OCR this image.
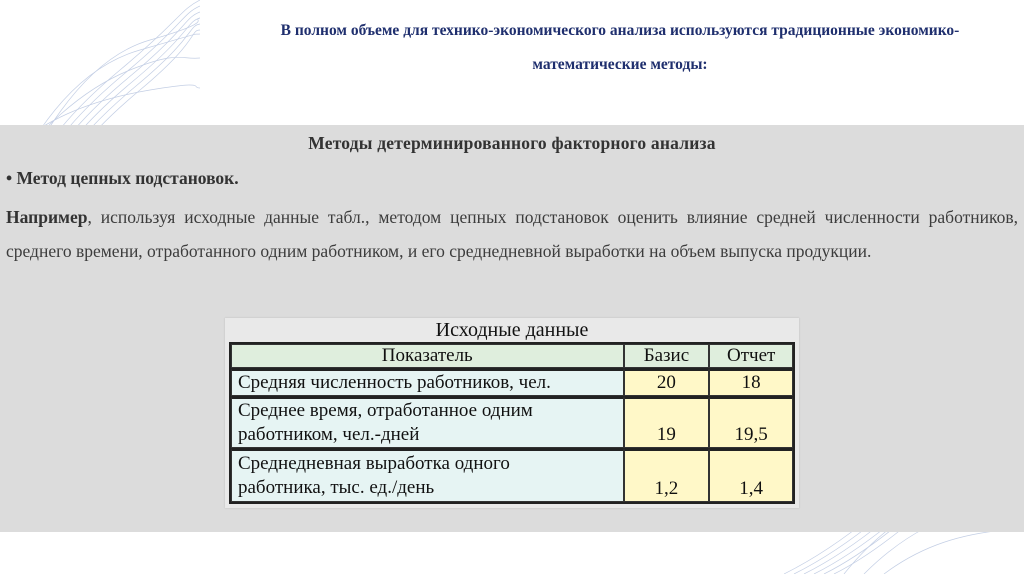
В полном объеме для технико-экономического анализа используются традиционные экономико-
математические методы:

Методы детерминированного факторного анализа

• Метод цепных подстановок.

Например, используя исходные данные табл., методом цепных подстановок оценить влияние средней численности работников, среднего времени, отработанного одним работником, и его среднедневной выработки на объем выпуска продукции.

Исходные данные

Показатель	Базис	Отчет
Средняя численность работников, чел.	20	18
Среднее время, отработанное одним
работником, чел.-дней	19	19,5
Среднедневная выработка одного
работника, тыс. ед./день	1,2	1,4
